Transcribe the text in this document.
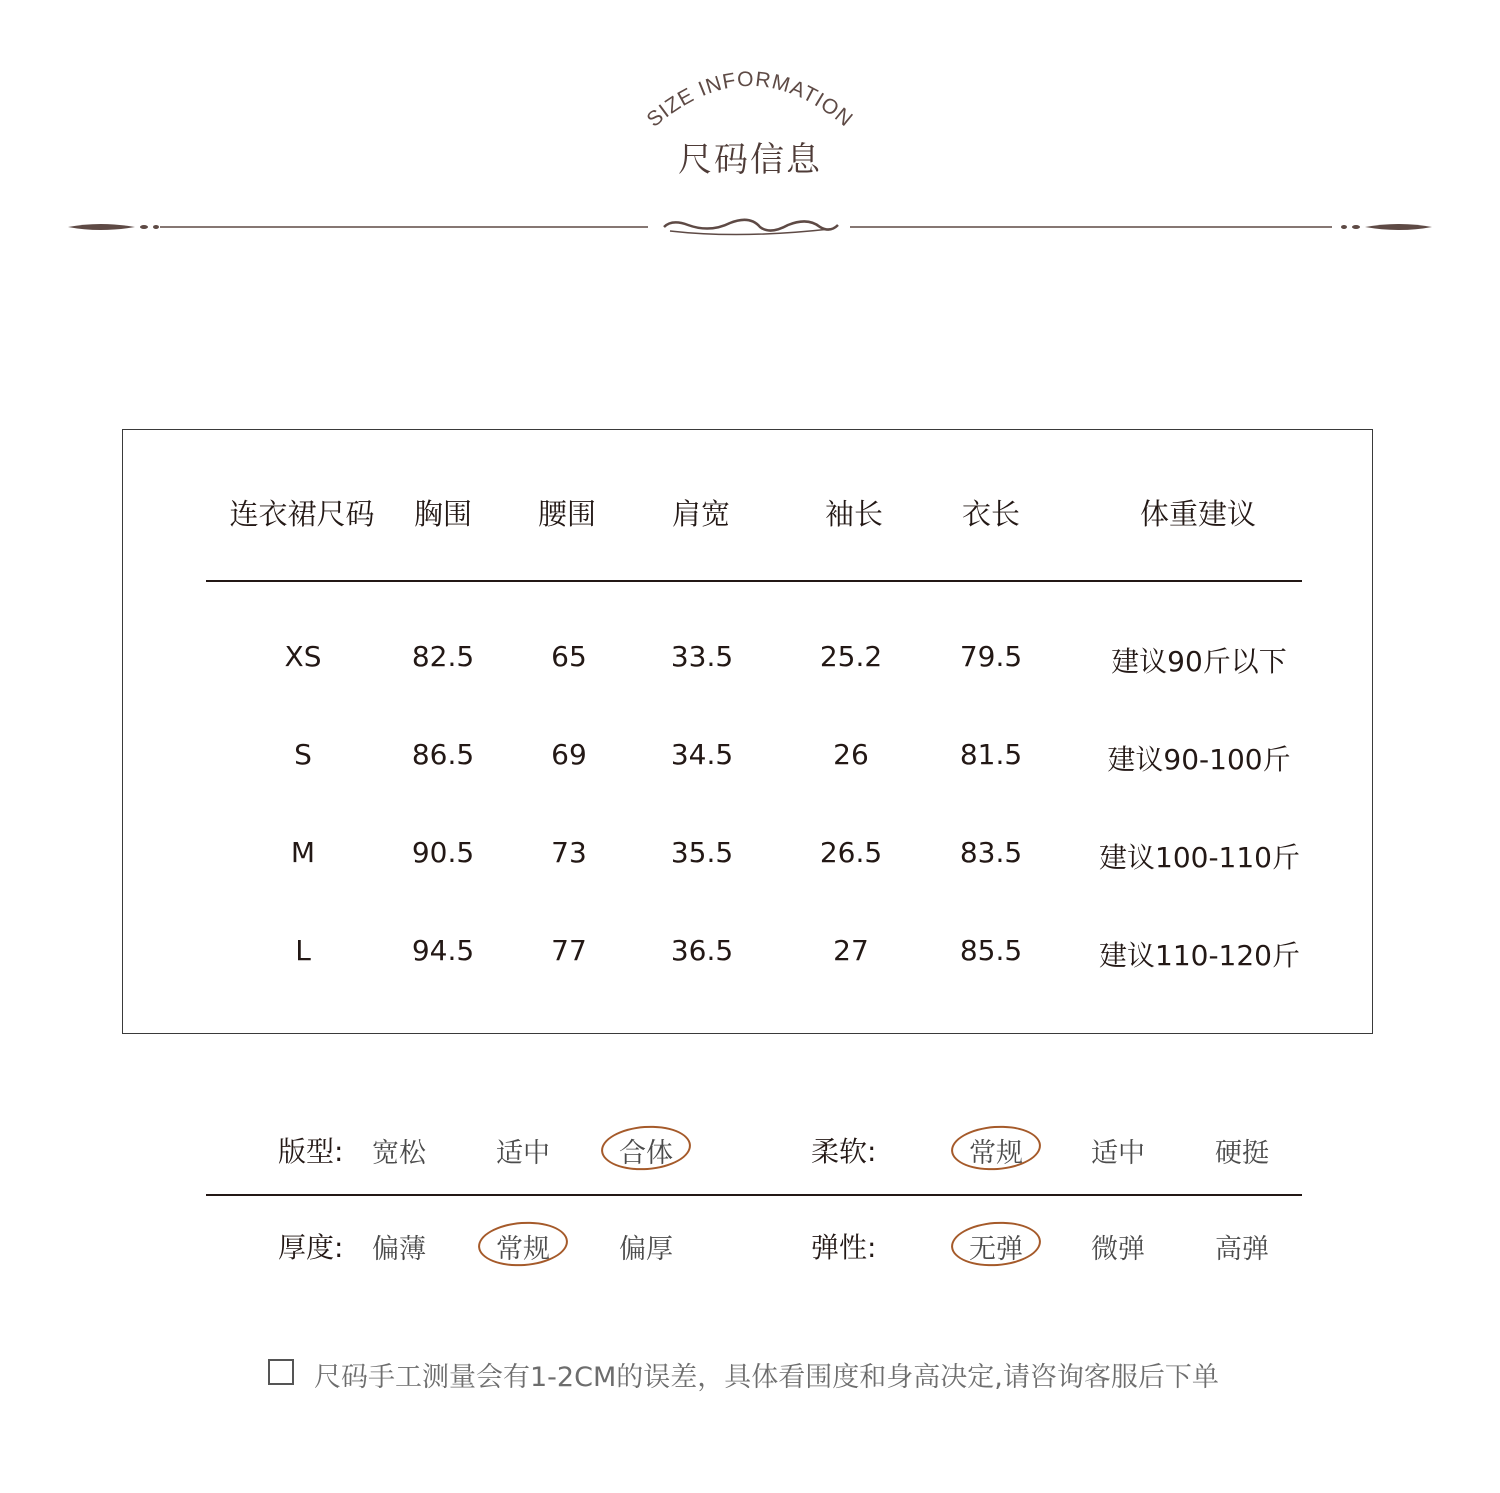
SIZE INFORMATION
尺码信息
连衣裙尺码	胸围	腰围	肩宽	袖长	衣长	体重建议
XS	82.5	65	33.5	25.2	79.5	建议90斤以下
S	86.5	69	34.5	26	81.5	建议90-100斤
M	90.5	73	35.5	26.5	83.5	建议100-110斤
L	94.5	77	36.5	27	85.5	建议110-120斤
版型:	宽松	适中	合体	柔软:	常规	适中	硬挺
厚度:	偏薄	常规	偏厚	弹性:	无弹	微弹	高弹
尺码手工测量会有1-2CM的误差，具体看围度和身高决定,请咨询客服后下单
